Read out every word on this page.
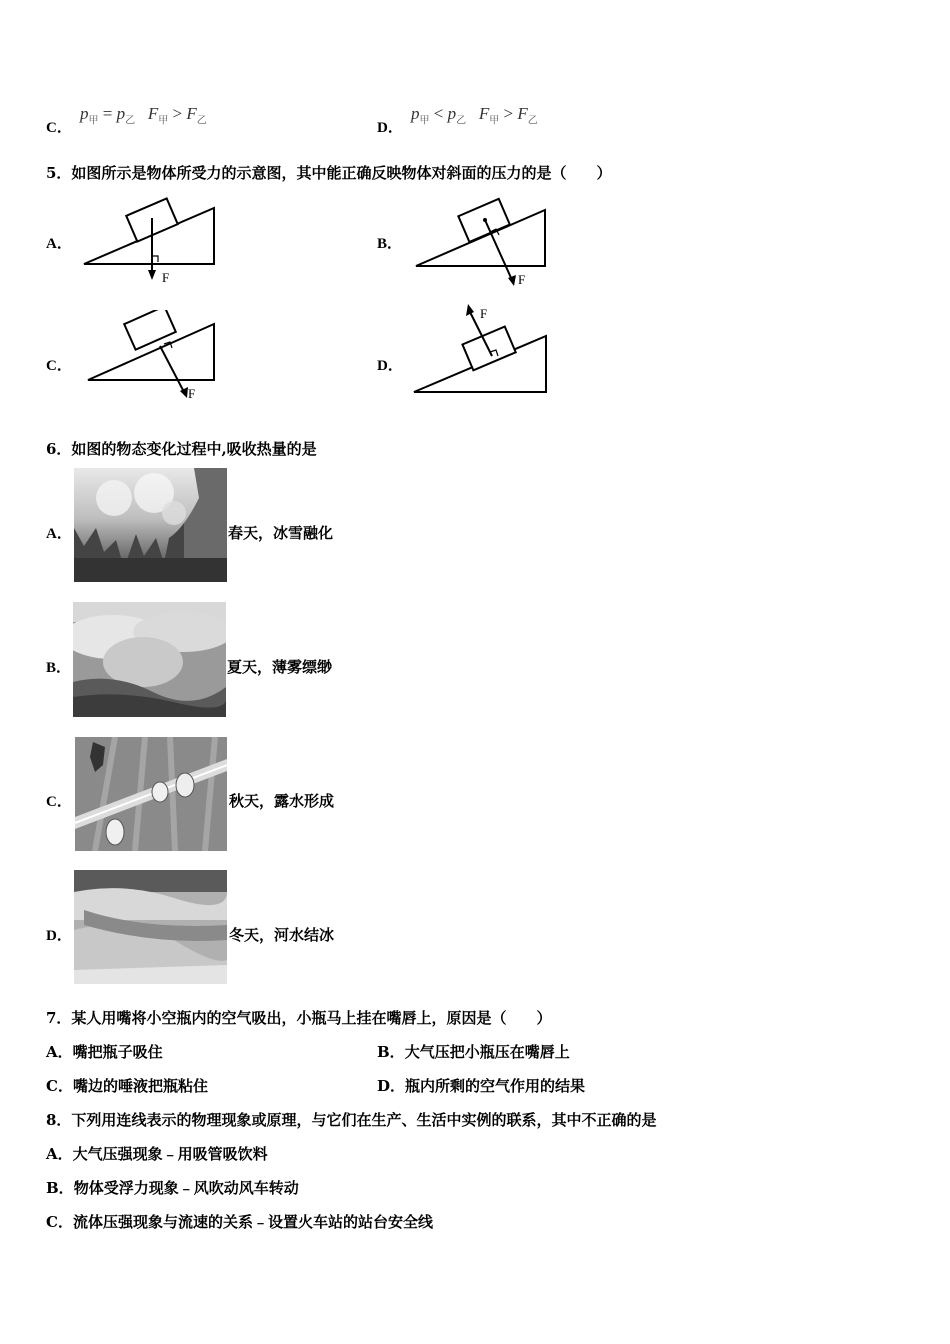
C．
$p_甲 = p_乙$ $F_甲 > F_乙$	D．
$p_甲 < p_乙$ $F_甲 > F_乙$
5．如图所示是物体所受力的示意图，其中能正确反映物体对斜面的压力的是（　　）
A．
F
B．
F
C．
F
D．
F
6．如图的物态变化过程中,吸收热量的是
A．	春天，冰雪融化
B．	夏天，薄雾缥缈
C．	秋天，露水形成
D．	冬天，河水结冰
7．某人用嘴将小空瓶内的空气吸出，小瓶马上挂在嘴唇上，原因是（　　）
A．嘴把瓶子吸住	B．大气压把小瓶压在嘴唇上
C．嘴边的唾液把瓶粘住	D．瓶内所剩的空气作用的结果
8．下列用连线表示的物理现象或原理，与它们在生产、生活中实例的联系，其中不正确的是
A．大气压强现象﹣用吸管吸饮料
B．物体受浮力现象﹣风吹动风车转动
C．流体压强现象与流速的关系﹣设置火车站的站台安全线
